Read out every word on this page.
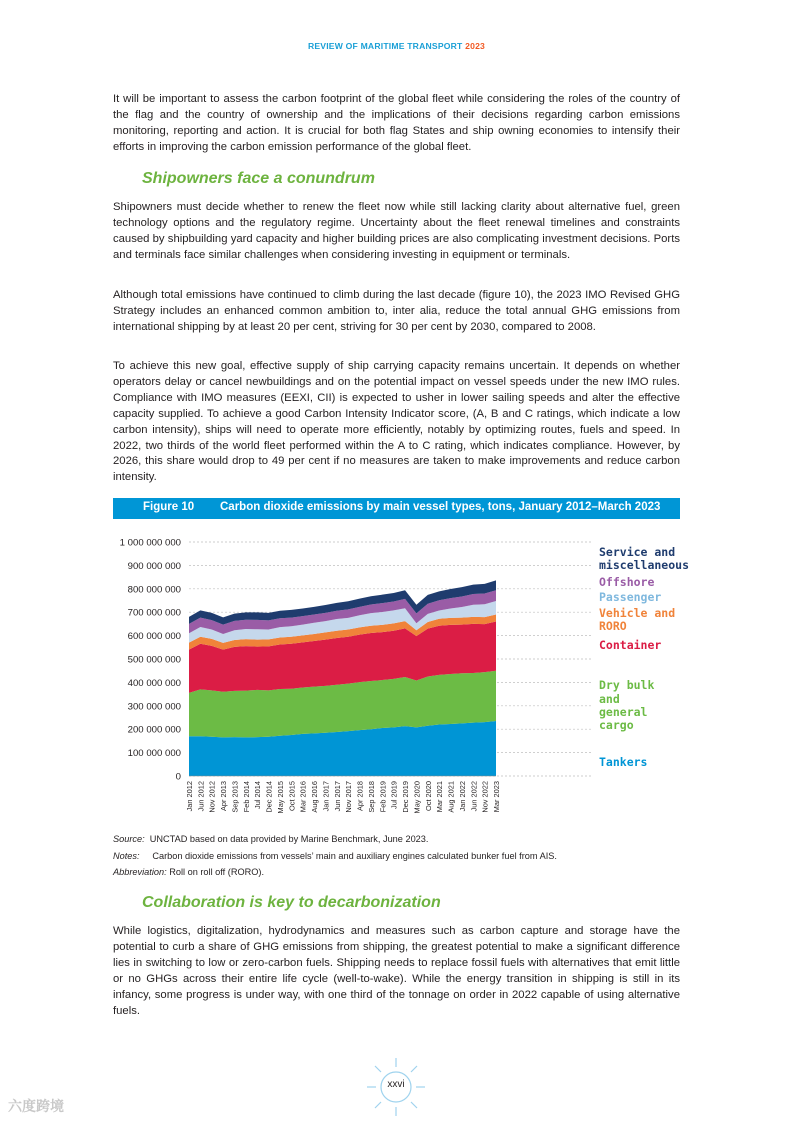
REVIEW OF MARITIME TRANSPORT 2023

It will be important to assess the carbon footprint of the global fleet while considering the roles of the country of the flag and the country of ownership and the implications of their decisions regarding carbon emissions monitoring, reporting and action. It is crucial for both flag States and ship owning economies to intensify their efforts in improving the carbon emission performance of the global fleet.

Shipowners face a conundrum

Shipowners must decide whether to renew the fleet now while still lacking clarity about alternative fuel, green technology options and the regulatory regime. Uncertainty about the fleet renewal timelines and constraints caused by shipbuilding yard capacity and higher building prices are also complicating investment decisions. Ports and terminals face similar challenges when considering investing in equipment or terminals.

Although total emissions have continued to climb during the last decade (figure 10), the 2023 IMO Revised GHG Strategy includes an enhanced common ambition to, inter alia, reduce the total annual GHG emissions from international shipping by at least 20 per cent, striving for 30 per cent by 2030, compared to 2008.

To achieve this new goal, effective supply of ship carrying capacity remains uncertain. It depends on whether operators delay or cancel newbuildings and on the potential impact on vessel speeds under the new IMO rules. Compliance with IMO measures (EEXI, CII) is expected to usher in lower sailing speeds and alter the effective capacity supplied. To achieve a good Carbon Intensity Indicator score, (A, B and C ratings, which indicate a low carbon intensity), ships will need to operate more efficiently, notably by optimizing routes, fuels and speed. In 2022, two thirds of the world fleet performed within the A to C rating, which indicates compliance. However, by 2026, this share would drop to 49 per cent if no measures are taken to make improvements and reduce carbon intensity.

Figure 10 Carbon dioxide emissions by main vessel types, tons, January 2012–March 2023
0
100 000 000
200 000 000
300 000 000
400 000 000
500 000 000
600 000 000
700 000 000
800 000 000
900 000 000
1 000 000 000
Jan 2012 Jun 2012 Nov 2012 Apr 2013 Sep 2013 Feb 2014 Jul 2014 Dec 2014 May 2015 Oct 2015 Mar 2016 Aug 2016 Jan 2017 Jun 2017 Nov 2017 Apr 2018 Sep 2018 Feb 2019 Jul 2019 Dec 2019 May 2020 Oct 2020 Mar 2021 Aug 2021 Jan 2022 Jun 2022 Nov 2022 Mar 2023
Service and miscellaneous
Offshore
Passenger
Vehicle and RORO
Container
Dry bulk and general cargo
Tankers

Source: UNCTAD based on data provided by Marine Benchmark, June 2023.

Notes: Carbon dioxide emissions from vessels’ main and auxiliary engines calculated bunker fuel from AIS.

Abbreviation: Roll on roll off (RORO).

Collaboration is key to decarbonization

While logistics, digitalization, hydrodynamics and measures such as carbon capture and storage have the potential to curb a share of GHG emissions from shipping, the greatest potential to make a significant difference lies in switching to low or zero-carbon fuels. Shipping needs to replace fossil fuels with alternatives that emit little or no GHGs across their entire life cycle (well-to-wake). While the energy transition in shipping is still in its infancy, some progress is under way, with one third of the tonnage on order in 2022 capable of using alternative fuels.

xxvi
六度跨境
